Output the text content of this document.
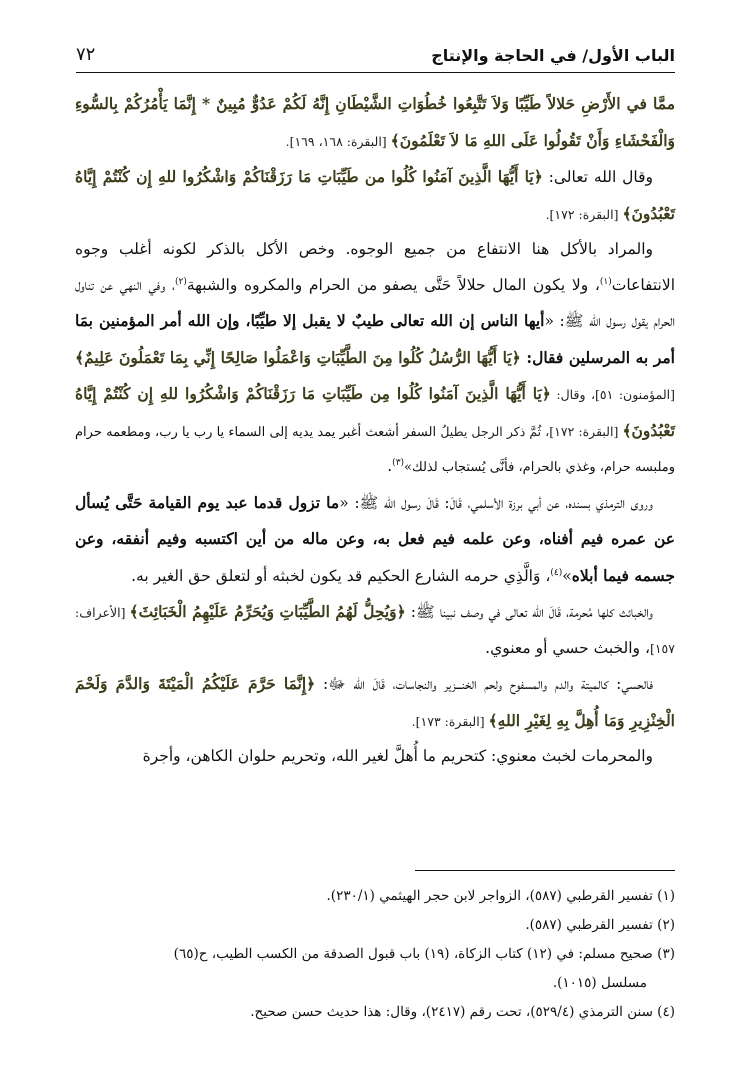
الباب الأول/ في الحاجة والإنتاج
٧٢

ممَّا في الأَرْضِ حَلالاً طَيِّبًا وَلاَ تَتَّبِعُوا خُطُوَاتِ الشَّيْطَانِ إِنَّهُ لَكُمْ عَدُوٌّ مُبِينٌ * إِنَّمَا يَأْمُرُكُمْ بِالسُّوءِ وَالْفَحْشَاءِ وَأَنْ تَقُولُوا عَلَى اللهِ مَا لاَ تَعْلَمُونَ﴾ [البقرة: ١٦٨، ١٦٩].

وقال الله تعالى: ﴿يَا أَيُّهَا الَّذِينَ آمَنُوا كُلُوا من طَيِّبَاتِ مَا رَزَقْنَاكُمْ وَاشْكُرُوا للهِ إِن كُنْتُمْ إِيَّاهُ تَعْبُدُونَ﴾ [البقرة: ١٧٢].

والمراد بالأكل هنا الانتفاع من جميع الوجوه. وخص الأكل بالذكر لكونه أغلب وجوه الانتفاعات$^{(١)}$، ولا يكون المال حلالاً حَتَّى يصفو من الحرام والمكروه والشبهة$^{(٢)}$، وفي النهي عن تناول الحرام يقول رسول الله ﷺ: «أيها الناس إن الله تعالى طيبٌ لا يقبل إلا طيِّبًا، وإن الله أمر المؤمنين بمَا أمر به المرسلين فقال: ﴿يَا أَيُّهَا الرُّسُلُ كُلُوا مِنَ الطَّيِّبَاتِ وَاعْمَلُوا صَالِحًا إِنِّي بِمَا تَعْمَلُونَ عَلِيمٌ﴾ [المؤمنون: ٥١]، وقال: ﴿يَا أَيُّهَا الَّذِينَ آمَنُوا كُلُوا مِن طَيِّبَاتِ مَا رَزَقْنَاكُمْ وَاشْكُرُوا للهِ إِن كُنْتُمْ إِيَّاهُ تَعْبُدُونَ﴾ [البقرة: ١٧٢]، ثُمَّ ذكر الرجل يطيلُ السفر أشعث أغبر يمد يديه إلى السماء يا رب يا رب، ومطعمه حرام وملبسه حرام، وغذي بالحرام، فأنَّى يُستجاب لذلك»$^{(٣)}$.

وروى الترمذي بسنده، عن أبي برزة الأسلمي، قَالَ: قَالَ رسول الله ﷺ: «ما تزول قدما عبد يوم القيامة حَتَّى يُسأل عن عمره فيم أفناه، وعن علمه فيم فعل به، وعن ماله من أين اكتسبه وفيم أنفقه، وعن جسمه فيما أبلاه»$^{(٤)}$، وَالَّذِي حرمه الشارع الحكيم قد يكون لخبثه أو لتعلق حق الغير به.

والخبائث كلها مُحرمة، قَالَ الله تعالى في وصف نبينا ﷺ: ﴿وَيُحِلُّ لَهُمُ الطَّيِّبَاتِ وَيُحَرِّمُ عَلَيْهِمُ الْخَبَائِثَ﴾ [الأعراف: ١٥٧]، والخبث حسي أو معنوي.

فالحسي: كالميتة والدم والمسفوح ولحم الخنـــزير والنجاسات، قَالَ الله ﷻ: ﴿إِنَّمَا حَرَّمَ عَلَيْكُمُ الْمَيْتَةَ وَالدَّمَ وَلَحْمَ الْخِنْزِيرِ وَمَا أُهِلَّ بِهِ لِغَيْرِ اللهِ﴾ [البقرة: ١٧٣].

والمحرمات لخبث معنوي: كتحريم ما أُهلَّ لغير الله، وتحريم حلوان الكاهن، وأجرة

(١) تفسير القرطبي (٥٨٧)، الزواجر لابن حجر الهيثمي (٢٣٠/١).

(٢) تفسير القرطبي (٥٨٧).

(٣) صحيح مسلم: في (١٢) كتاب الزكاة، (١٩) باب قبول الصدقة من الكسب الطيب، ح(٦٥)

مسلسل (١٠١٥).

(٤) سنن الترمذي (٥٢٩/٤)، تحت رقم (٢٤١٧)، وقال: هذا حديث حسن صحيح.
